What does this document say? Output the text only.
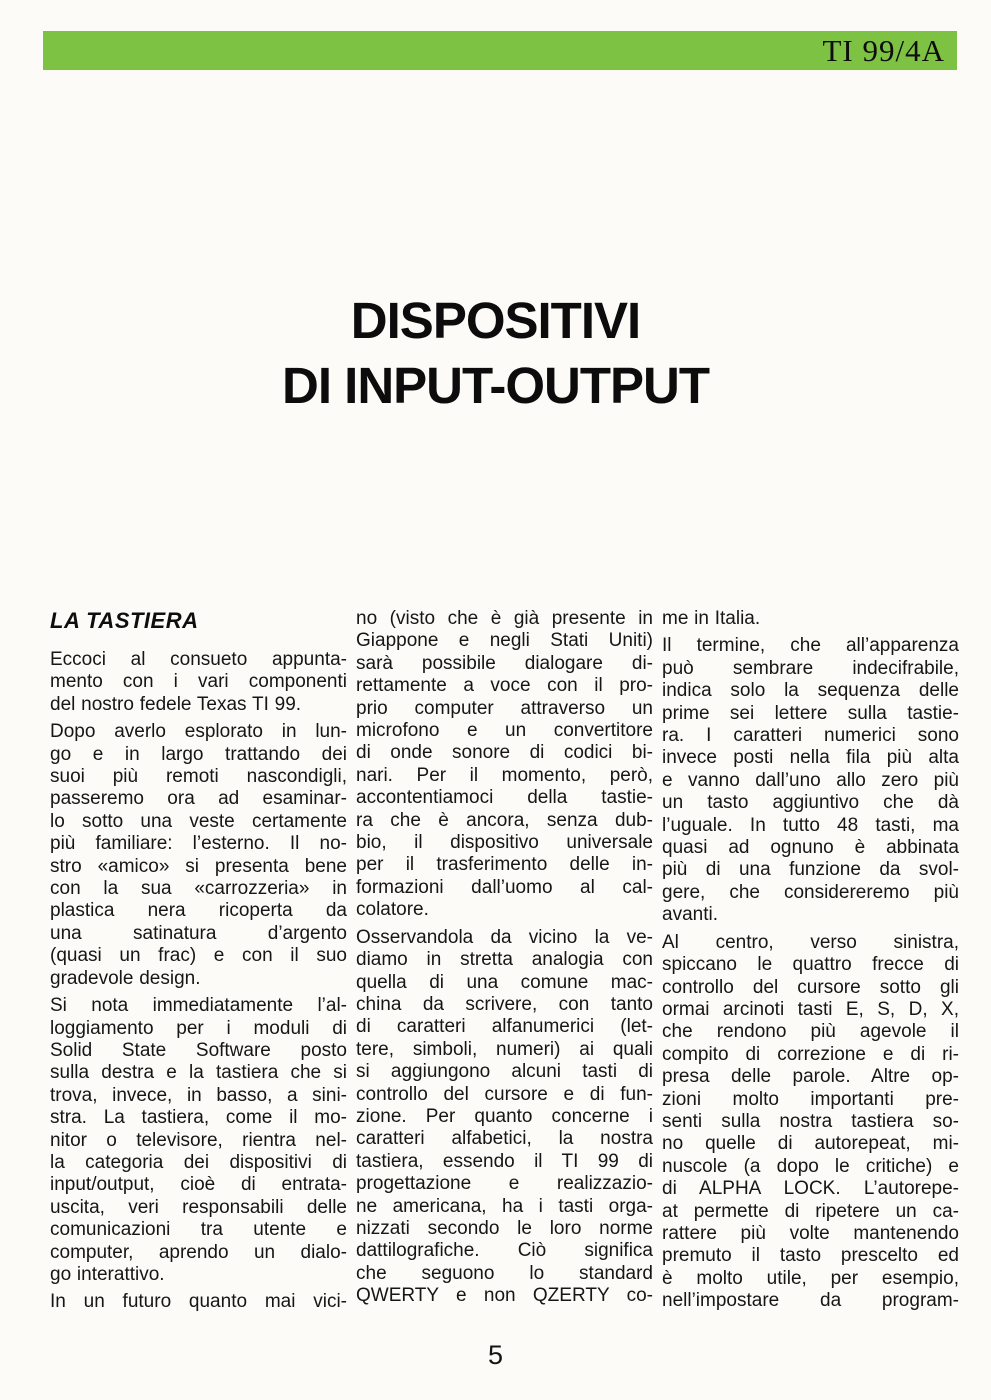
TI 99/4A
DISPOSITIVI
DI INPUT-OUTPUT
LA TASTIERA
Eccoci al consueto appunta-
mento con i vari componenti
del nostro fedele Texas TI 99.
Dopo averlo esplorato in lun-
go e in largo trattando dei
suoi più remoti nascondigli,
passeremo ora ad esaminar-
lo sotto una veste certamente
più familiare: l’esterno. Il no-
stro «amico» si presenta bene
con la sua «carrozzeria» in
plastica nera ricoperta da
una satinatura d’argento
(quasi un frac) e con il suo
gradevole design.
Si nota immediatamente l’al-
loggiamento per i moduli di
Solid State Software posto
sulla destra e la tastiera che si
trova, invece, in basso, a sini-
stra. La tastiera, come il mo-
nitor o televisore, rientra nel-
la categoria dei dispositivi di
input/output, cioè di entrata-
uscita, veri responsabili delle
comunicazioni tra utente e
computer, aprendo un dialo-
go interattivo.
In un futuro quanto mai vici-
no (visto che è già presente in
Giappone e negli Stati Uniti)
sarà possibile dialogare di-
rettamente a voce con il pro-
prio computer attraverso un
microfono e un convertitore
di onde sonore di codici bi-
nari. Per il momento, però,
accontentiamoci della tastie-
ra che è ancora, senza dub-
bio, il dispositivo universale
per il trasferimento delle in-
formazioni dall’uomo al cal-
colatore.
Osservandola da vicino la ve-
diamo in stretta analogia con
quella di una comune mac-
china da scrivere, con tanto
di caratteri alfanumerici (let-
tere, simboli, numeri) ai quali
si aggiungono alcuni tasti di
controllo del cursore e di fun-
zione. Per quanto concerne i
caratteri alfabetici, la nostra
tastiera, essendo il TI 99 di
progettazione e realizzazio-
ne americana, ha i tasti orga-
nizzati secondo le loro norme
dattilografiche. Ciò significa
che seguono lo standard
QWERTY e non QZERTY co-
me in Italia.
Il termine, che all’apparenza
può sembrare indecifrabile,
indica solo la sequenza delle
prime sei lettere sulla tastie-
ra. I caratteri numerici sono
invece posti nella fila più alta
e vanno dall’uno allo zero più
un tasto aggiuntivo che dà
l’uguale. In tutto 48 tasti, ma
quasi ad ognuno è abbinata
più di una funzione da svol-
gere, che considereremo più
avanti.
Al centro, verso sinistra,
spiccano le quattro frecce di
controllo del cursore sotto gli
ormai arcinoti tasti E, S, D, X,
che rendono più agevole il
compito di correzione e di ri-
presa delle parole. Altre op-
zioni molto importanti pre-
senti sulla nostra tastiera so-
no quelle di autorepeat, mi-
nuscole (a dopo le critiche) e
di ALPHA LOCK. L’autorepe-
at permette di ripetere un ca-
rattere più volte mantenendo
premuto il tasto prescelto ed
è molto utile, per esempio,
nell’impostare da program-
5
